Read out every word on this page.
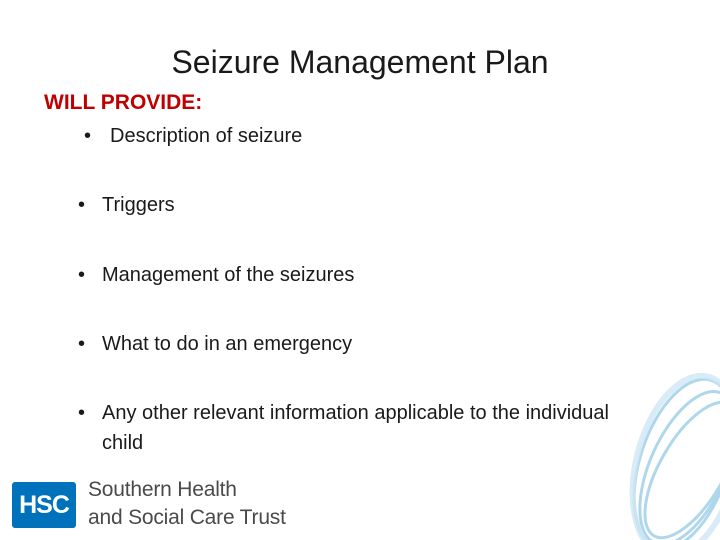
Seizure Management Plan
WILL PROVIDE:
• Description of seizure
• Triggers
• Management of the seizures
• What to do in an emergency
• Any other relevant information applicable to the individual child
HSC
Southern Health
and Social Care Trust
